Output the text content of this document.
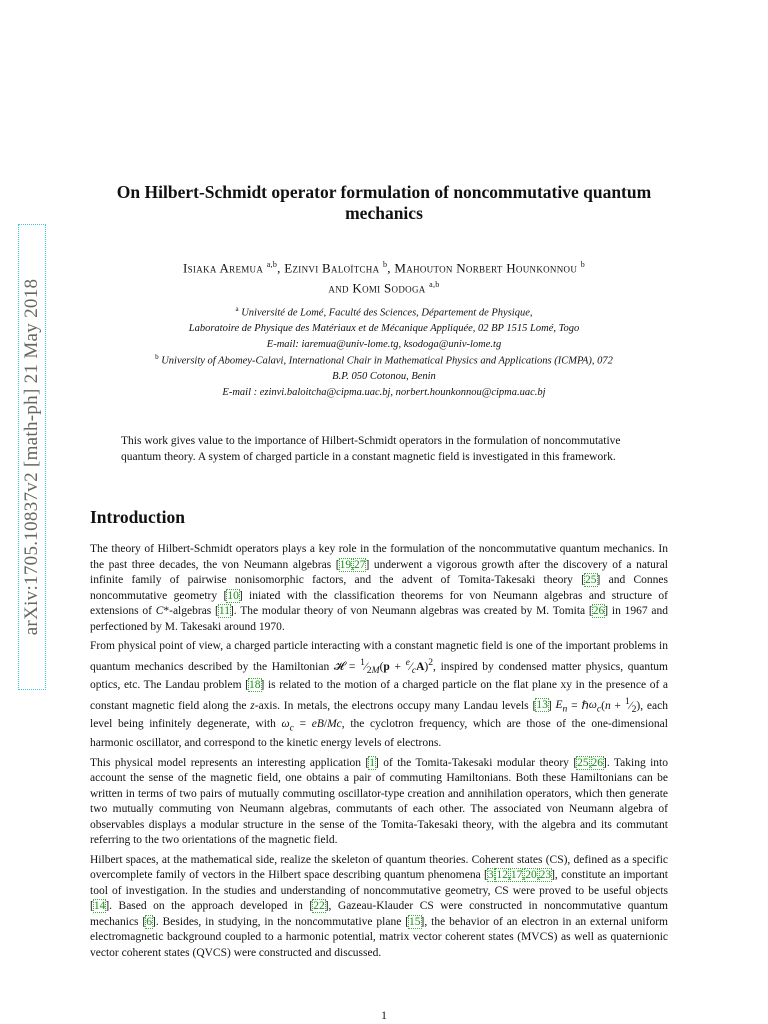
arXiv:1705.10837v2 [math-ph] 21 May 2018
On Hilbert-Schmidt operator formulation of noncommutative quantum mechanics
Isiaka Aremua $^{a,b}$, Ezinvi Baloïtcha $^b$, Mahouton Norbert Hounkonnou $^b$
and Komi Sodoga $^{a,b}$
$^a$ Université de Lomé, Faculté des Sciences, Département de Physique,
Laboratoire de Physique des Matériaux et de Mécanique Appliquée, 02 BP 1515 Lomé, Togo
E-mail: iaremua@univ-lome.tg, ksodoga@univ-lome.tg
$^b$ University of Abomey-Calavi, International Chair in Mathematical Physics and Applications (ICMPA), 072
B.P. 050 Cotonou, Benin
E-mail : ezinvi.baloitcha@cipma.uac.bj, norbert.hounkonnou@cipma.uac.bj
This work gives value to the importance of Hilbert-Schmidt operators in the formulation of noncommutative quantum theory. A system of charged particle in a constant magnetic field is investigated in this framework.
Introduction

The theory of Hilbert-Schmidt operators plays a key role in the formulation of the noncommutative quantum mechanics. In the past three decades, the von Neumann algebras [19,27] underwent a vigorous growth after the discovery of a natural infinite family of pairwise nonisomorphic factors, and the advent of Tomita-Takesaki theory [25] and Connes noncommutative geometry [10] iniated with the classification theorems for von Neumann algebras and structure of extensions of C*-algebras [11]. The modular theory of von Neumann algebras was created by M. Tomita [26] in 1967 and perfectioned by M. Takesaki around 1970.

From physical point of view, a charged particle interacting with a constant magnetic field is one of the important problems in quantum mechanics described by the Hamiltonian 𝓗 = $^1⁄_{2M}(p$ + $^e⁄_cA)^2$, inspired by condensed matter physics, quantum optics, etc. The Landau problem [18] is related to the motion of a charged particle on the flat plane xy in the presence of a constant magnetic field along the z-axis. In metals, the electrons occupy many Landau levels [13] $E_n$ = ℏω$_c$(n + $^1⁄_2$), each level being infinitely degenerate, with $\omega_c = eB/Mc$, the cyclotron frequency, which are those of the one-dimensional harmonic oscillator, and correspond to the kinetic energy levels of electrons.

This physical model represents an interesting application [1] of the Tomita-Takesaki modular theory [25,26]. Taking into account the sense of the magnetic field, one obtains a pair of commuting Hamiltonians. Both these Hamiltonians can be written in terms of two pairs of mutually commuting oscillator-type creation and annihilation operators, which then generate two mutually commuting von Neumann algebras, commutants of each other. The associated von Neumann algebra of observables displays a modular structure in the sense of the Tomita-Takesaki theory, with the algebra and its commutant referring to the two orientations of the magnetic field.

Hilbert spaces, at the mathematical side, realize the skeleton of quantum theories. Coherent states (CS), defined as a specific overcomplete family of vectors in the Hilbert space describing quantum phenomena [3,12,17,20,23], constitute an important tool of investigation. In the studies and understanding of noncommutative geometry, CS were proved to be useful objects [14]. Based on the approach developed in [22], Gazeau-Klauder CS were constructed in noncommutative quantum mechanics [6]. Besides, in studying, in the noncommutative plane [15], the behavior of an electron in an external uniform electromagnetic background coupled to a harmonic potential, matrix vector coherent states (MVCS) as well as quaternionic vector coherent states (QVCS) were constructed and discussed.

1
